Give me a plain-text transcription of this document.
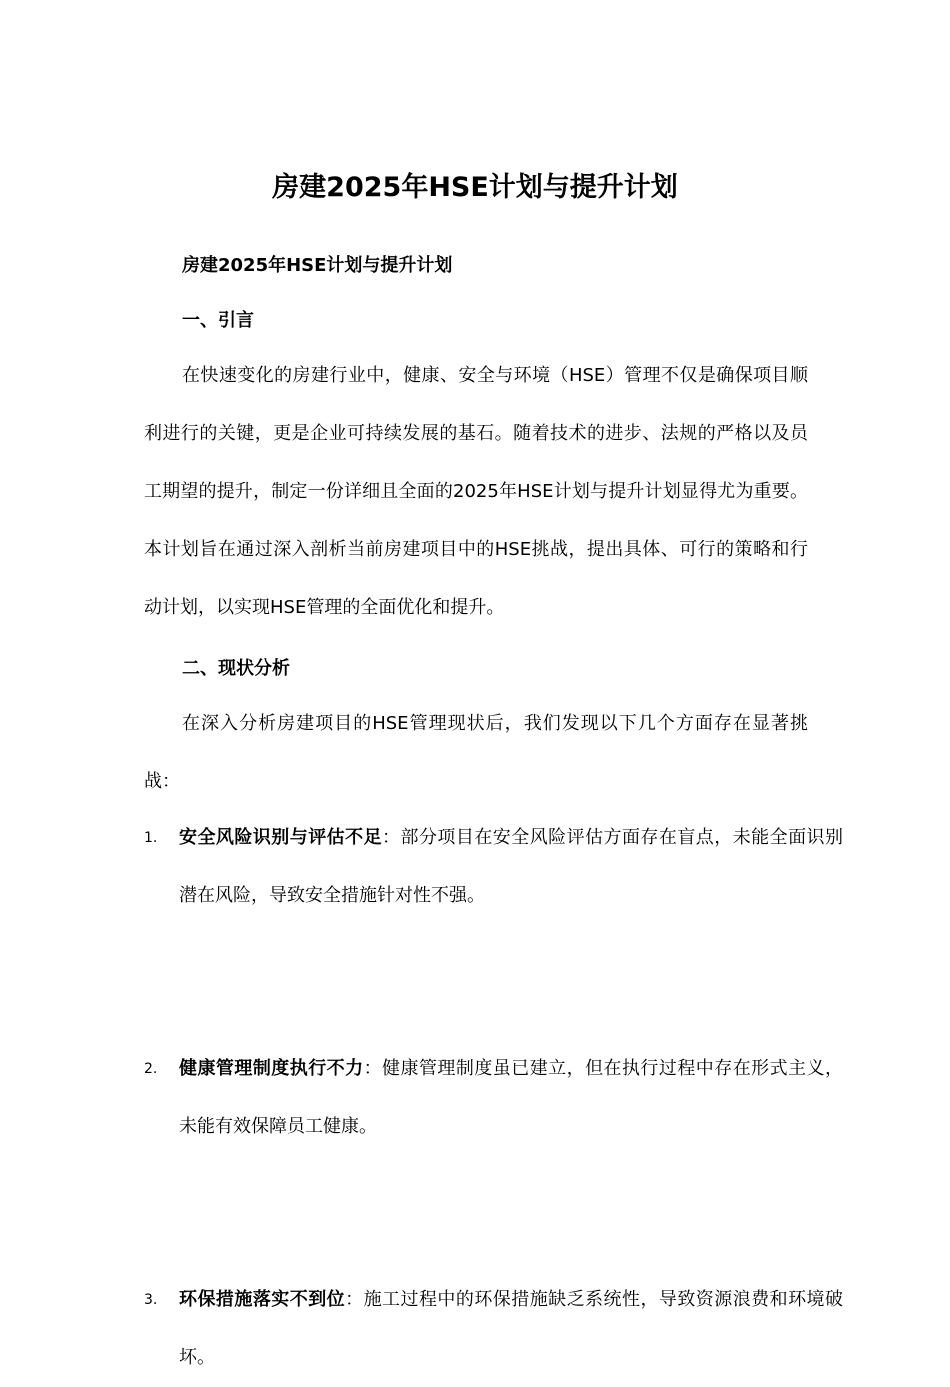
房建2025年HSE计划与提升计划

房建2025年HSE计划与提升计划

一、引言

在快速变化的房建行业中，健康、安全与环境（HSE）管理不仅是确保项目顺利进行的关键，更是企业可持续发展的基石。随着技术的进步、法规的严格以及员工期望的提升，制定一份详细且全面的2025年HSE计划与提升计划显得尤为重要。本计划旨在通过深入剖析当前房建项目中的HSE挑战，提出具体、可行的策略和行动计划，以实现HSE管理的全面优化和提升。

二、现状分析

在深入分析房建项目的HSE管理现状后，我们发现以下几个方面存在显著挑战：

1. 安全风险识别与评估不足：部分项目在安全风险评估方面存在盲点，未能全面识别潜在风险，导致安全措施针对性不强。
2. 健康管理制度执行不力：健康管理制度虽已建立，但在执行过程中存在形式主义，未能有效保障员工健康。
3. 环保措施落实不到位：施工过程中的环保措施缺乏系统性，导致资源浪费和环境破坏。
